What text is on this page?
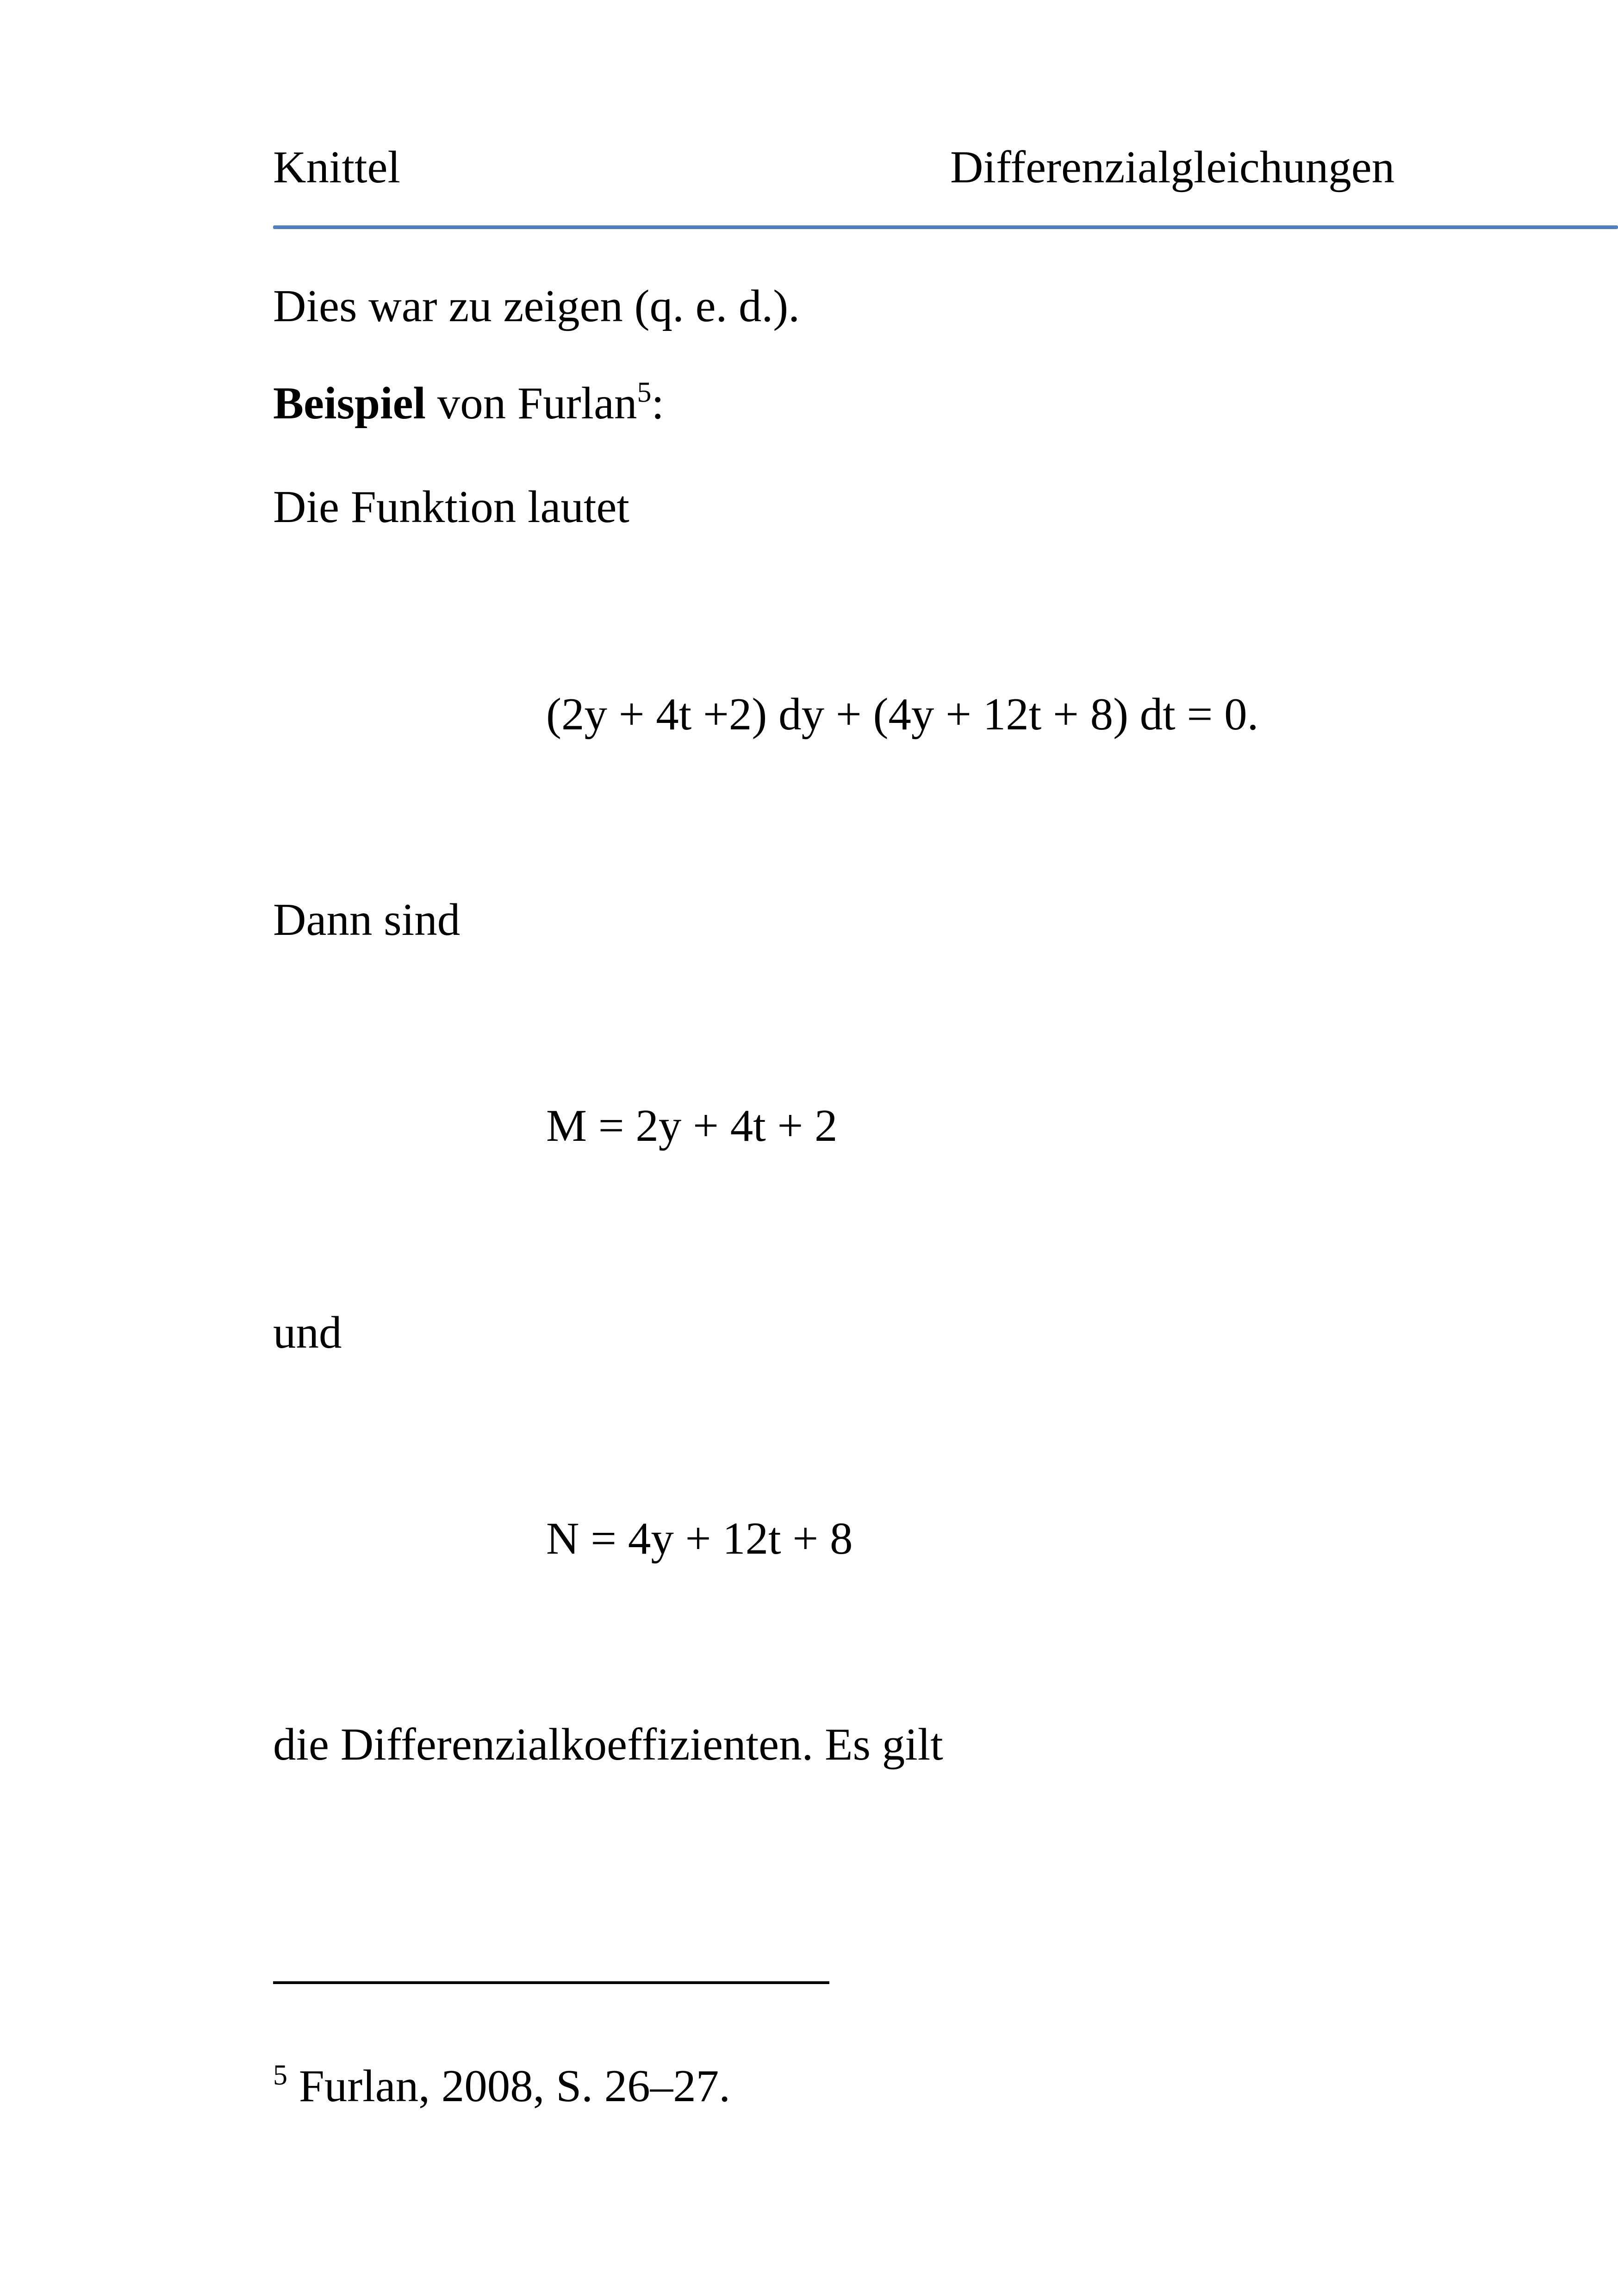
Knittel	Differenzialgleichungen
Dies war zu zeigen (q. e. d.).
Beispiel von Furlan$^5$:
Die Funktion lautet
(2y + 4t +2) dy + (4y + 12t + 8) dt = 0.
Dann sind
M = 2y + 4t + 2
und
N = 4y + 12t + 8
die Differenzialkoeffizienten. Es gilt
$^5$ Furlan, 2008, S. 26–27.
